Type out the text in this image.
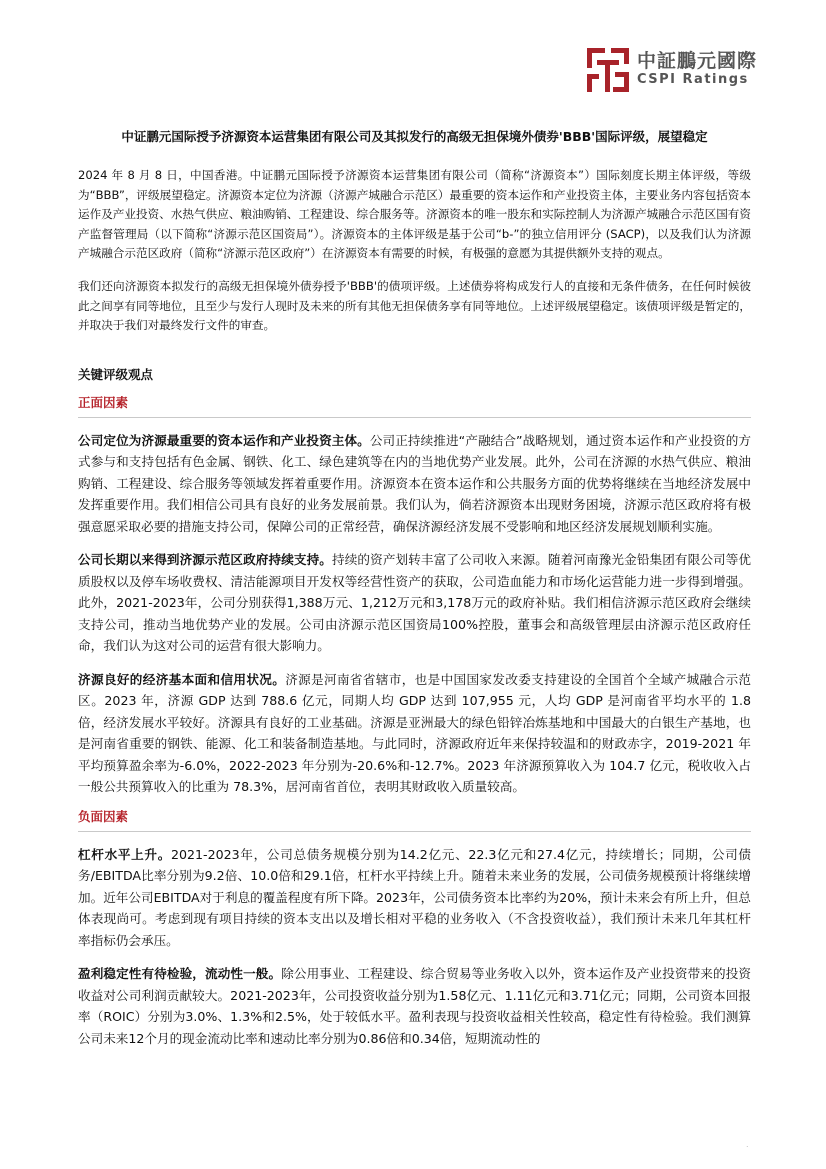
中証鵬元國際
CSPI Ratings
中证鹏元国际授予济源资本运营集团有限公司及其拟发行的高级无担保境外债券'BBB'国际评级，展望稳定

2024 年 8 月 8 日，中国香港。中证鹏元国际授予济源资本运营集团有限公司（简称“济源资本”）国际刻度长期主体评级，等级为“BBB”，评级展望稳定。济源资本定位为济源（济源产城融合示范区）最重要的资本运作和产业投资主体，主要业务内容包括资本运作及产业投资、水热气供应、粮油购销、工程建设、综合服务等。济源资本的唯一股东和实际控制人为济源产城融合示范区国有资产监督管理局（以下简称“济源示范区国资局”）。济源资本的主体评级是基于公司“b-”的独立信用评分 (SACP)，以及我们认为济源产城融合示范区政府（简称“济源示范区政府”）在济源资本有需要的时候，有极强的意愿为其提供额外支持的观点。

我们还向济源资本拟发行的高级无担保境外债券授予'BBB'的债项评级。上述债券将构成发行人的直接和无条件债务，在任何时候彼此之间享有同等地位，且至少与发行人现时及未来的所有其他无担保债务享有同等地位。上述评级展望稳定。该债项评级是暂定的，并取决于我们对最终发行文件的审查。

关键评级观点
正面因素

公司定位为济源最重要的资本运作和产业投资主体。公司正持续推进“产融结合”战略规划，通过资本运作和产业投资的方式参与和支持包括有色金属、钢铁、化工、绿色建筑等在内的当地优势产业发展。此外，公司在济源的水热气供应、粮油购销、工程建设、综合服务等领域发挥着重要作用。济源资本在资本运作和公共服务方面的优势将继续在当地经济发展中发挥重要作用。我们相信公司具有良好的业务发展前景。我们认为，倘若济源资本出现财务困境，济源示范区政府将有极强意愿采取必要的措施支持公司，保障公司的正常经营，确保济源经济发展不受影响和地区经济发展规划顺利实施。

公司长期以来得到济源示范区政府持续支持。持续的资产划转丰富了公司收入来源。随着河南豫光金铅集团有限公司等优质股权以及停车场收费权、清洁能源项目开发权等经营性资产的获取，公司造血能力和市场化运营能力进一步得到增强。此外，2021-2023年，公司分别获得1,388万元、1,212万元和3,178万元的政府补贴。我们相信济源示范区政府会继续支持公司，推动当地优势产业的发展。公司由济源示范区国资局100%控股，董事会和高级管理层由济源示范区政府任命，我们认为这对公司的运营有很大影响力。

济源良好的经济基本面和信用状况。济源是河南省省辖市，也是中国国家发改委支持建设的全国首个全域产城融合示范区。2023 年，济源 GDP 达到 788.6 亿元，同期人均 GDP 达到 107,955 元，人均 GDP 是河南省平均水平的 1.8 倍，经济发展水平较好。济源具有良好的工业基础。济源是亚洲最大的绿色铅锌冶炼基地和中国最大的白银生产基地，也是河南省重要的钢铁、能源、化工和装备制造基地。与此同时，济源政府近年来保持较温和的财政赤字，2019-2021 年平均预算盈余率为-6.0%，2022-2023 年分别为-20.6%和-12.7%。2023 年济源预算收入为 104.7 亿元，税收收入占一般公共预算收入的比重为 78.3%，居河南省首位，表明其财政收入质量较高。

负面因素

杠杆水平上升。2021-2023年，公司总债务规模分别为14.2亿元、22.3亿元和27.4亿元，持续增长；同期，公司债务/EBITDA比率分别为9.2倍、10.0倍和29.1倍，杠杆水平持续上升。随着未来业务的发展，公司债务规模预计将继续增加。近年公司EBITDA对于利息的覆盖程度有所下降。2023年，公司债务资本比率约为20%，预计未来会有所上升，但总体表现尚可。考虑到现有项目持续的资本支出以及增长相对平稳的业务收入（不含投资收益），我们预计未来几年其杠杆率指标仍会承压。

盈利稳定性有待检验，流动性一般。除公用事业、工程建设、综合贸易等业务收入以外，资本运作及产业投资带来的投资收益对公司利润贡献较大。2021-2023年，公司投资收益分别为1.58亿元、1.11亿元和3.71亿元；同期，公司资本回报率（ROIC）分别为3.0%、1.3%和2.5%，处于较低水平。盈利表现与投资收益相关性较高，稳定性有待检验。我们测算公司未来12个月的现金流动比率和速动比率分别为0.86倍和0.34倍，短期流动性的

.
